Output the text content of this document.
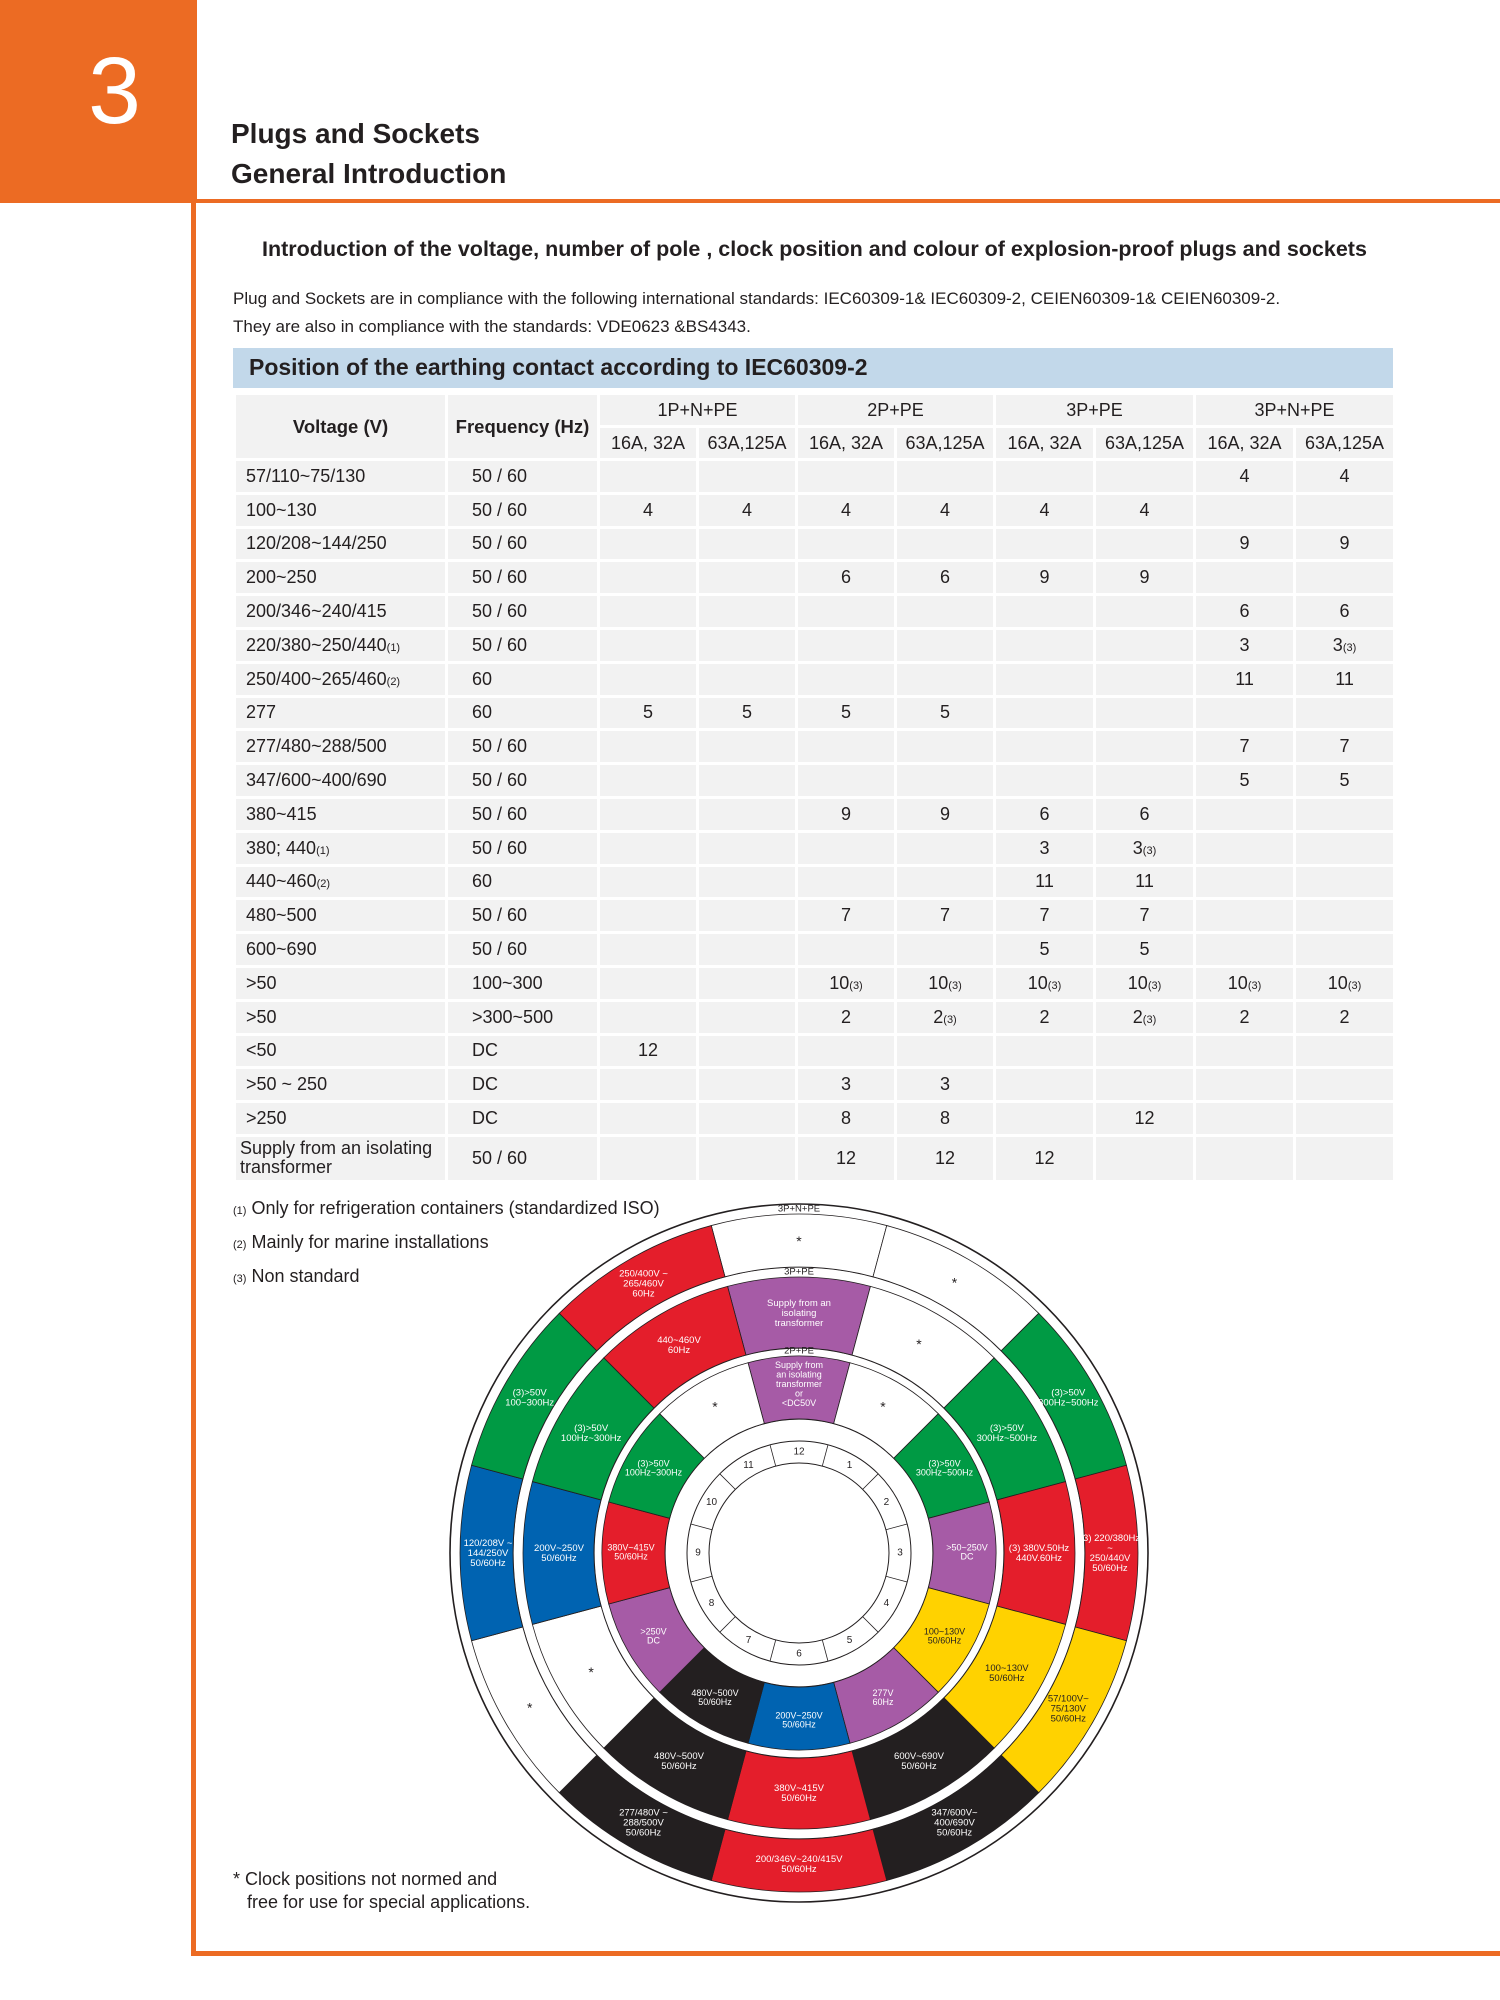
3	Plugs and Sockets
General Introduction
Introduction of the voltage, number of pole , clock position and colour of explosion-proof plugs and sockets
Plug and Sockets are in compliance with the following international standards: IEC60309-1& IEC60309-2, CEIEN60309-1& CEIEN60309-2.
They are also in compliance with the standards: VDE0623 &BS4343.
Position of the earthing contact according to IEC60309-2
Voltage (V)	Frequency (Hz)	1P+N+PE		2P+PE		3P+PE		3P+N+PE	
		16A, 32A	63A,125A	16A, 32A	63A,125A	16A, 32A	63A,125A	16A, 32A	63A,125A
57/110~75/130	50 / 60							4	4
100~130	50 / 60	4	4	4	4	4	4		
120/208~144/250	50 / 60							9	9
200~250	50 / 60			6	6	9	9		
200/346~240/415	50 / 60							6	6
220/380~250/440(1)	50 / 60							3	3(3)
250/400~265/460(2)	60							11	11
277	60	5	5	5	5				
277/480~288/500	50 / 60							7	7
347/600~400/690	50 / 60							5	5
380~415	50 / 60			9	9	6	6		
380; 440(1)	50 / 60					3	3(3)		
440~460(2)	60					11	11		
480~500	50 / 60			7	7	7	7		
600~690	50 / 60					5	5		
>50	100~300			10(3)	10(3)	10(3)	10(3)	10(3)	10(3)
>50	>300~500			2	2(3)	2	2(3)	2	2
<50	DC	12							
>50 ~ 250	DC			3	3				
>250	DC			8	8		12		
Supply from an isolating transformer	50 / 60			12	12	12			
(1) Only for refrigeration containers (standardized ISO)
(2) Mainly for marine installations
(3) Non standard
* Clock positions not normed and
free for use for special applications.
*
*
(3)>50V 300Hz~500Hz
(3) 220/380Hz ~ 250/440V 50/60Hz
57/100V~ 75/130V 50/60Hz
347/600V~ 400/690V 50/60Hz
200/346V~240/415V 50/60Hz
277/480V ~ 288/500V 50/60Hz
*
120/208V ~ 144/250V 50/60Hz
(3)>50V 100~300Hz
250/400V ~ 265/460V 60Hz
3P+N+PE
Supply from an isolating transformer
*
(3)>50V 300Hz~500Hz
(3) 380V.50Hz 440V.60Hz
100~130V 50/60Hz
600V~690V 50/60Hz
380V~415V 50/60Hz
480V~500V 50/60Hz
*
200V~250V 50/60Hz
(3)>50V 100Hz~300Hz
440~460V 60Hz
3P+PE
Supply from an isolating transformer or <DC50V	*
(3)>50V 300Hz~500Hz
>50~250V DC
100~130V 50/60Hz
277V 60Hz
200V~250V 50/60Hz
480V~500V 50/60Hz
>250V DC
380V~415V 50/60Hz
(3)>50V 100Hz~300Hz
*
2P+PE
12
1
2
3
4
5
6
7
8
9
10
11
